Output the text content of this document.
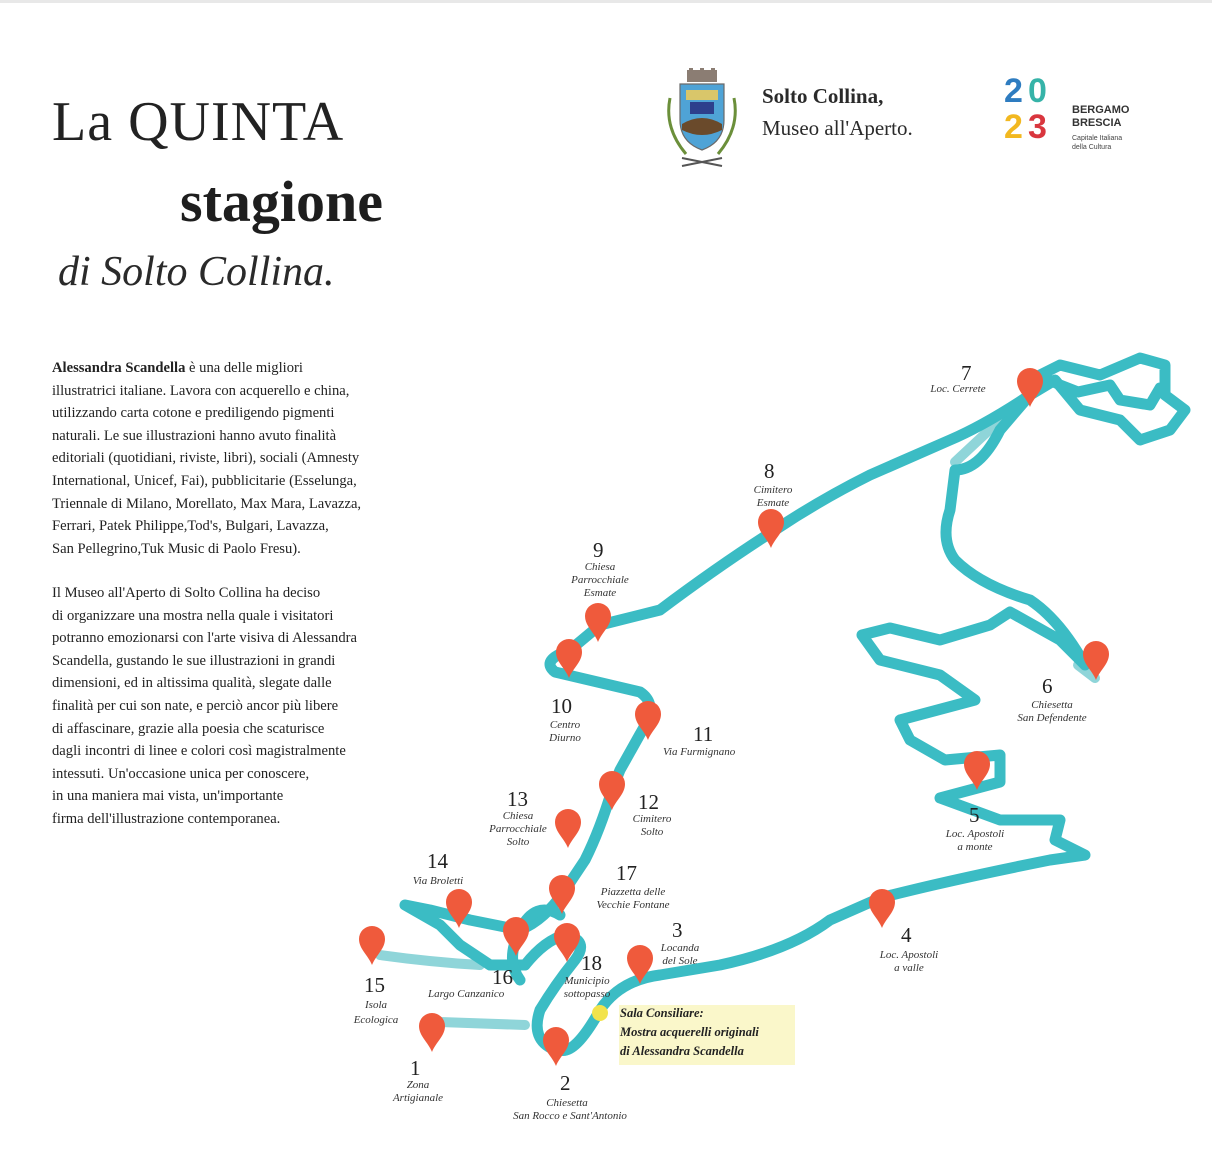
La QUINTA
stagione
di Solto Collina.
Solto Collina,
Museo all'Aperto.
2 0
2 3 BERGAMO
BRESCIA
Capitale Italiana
della Cultura

Alessandra Scandella è una delle migliori

illustratrici italiane. Lavora con acquerello e china,

utilizzando carta cotone e prediligendo pigmenti

naturali. Le sue illustrazioni hanno avuto finalità

editoriali (quotidiani, riviste, libri), sociali (Amnesty

International, Unicef, Fai), pubblicitarie (Esselunga,

Triennale di Milano, Morellato, Max Mara, Lavazza,

Ferrari, Patek Philippe,Tod's, Bulgari, Lavazza,

San Pellegrino,Tuk Music di Paolo Fresu).

Il Museo all'Aperto di Solto Collina ha deciso

di organizzare una mostra nella quale i visitatori

potranno emozionarsi con l'arte visiva di Alessandra

Scandella, gustando le sue illustrazioni in grandi

dimensioni, ed in altissima qualità, slegate dalle

finalità per cui son nate, e perciò ancor più libere

di affascinare, grazie alla poesia che scaturisce

dagli incontri di linee e colori così magistralmente

intessuti. Un'occasione unica per conoscere,

in una maniera mai vista, un'importante

firma dell'illustrazione contemporanea.

Sala Consiliare:
Mostra acquerelli originali
di Alessandra Scandella
1
Zona
Artigianale
2
Chiesetta
San Rocco e Sant'Antonio
3
Locanda
del Sole
4
Loc. Apostoli
a valle
5
Loc. Apostoli
a monte
6
Chiesetta
San Defendente
7
Loc. Cerrete
8
Cimitero
Esmate
9
Chiesa
Parrocchiale
Esmate
10
Centro
Diurno	11
Via Furmignano
12
Cimitero
Solto
13
Chiesa
Parrocchiale
Solto
14
Via Broletti
15
Isola
Ecologica
16
Largo Canzanico
17
Piazzetta delle
Vecchie Fontane
18
Municipio
sottopasso
